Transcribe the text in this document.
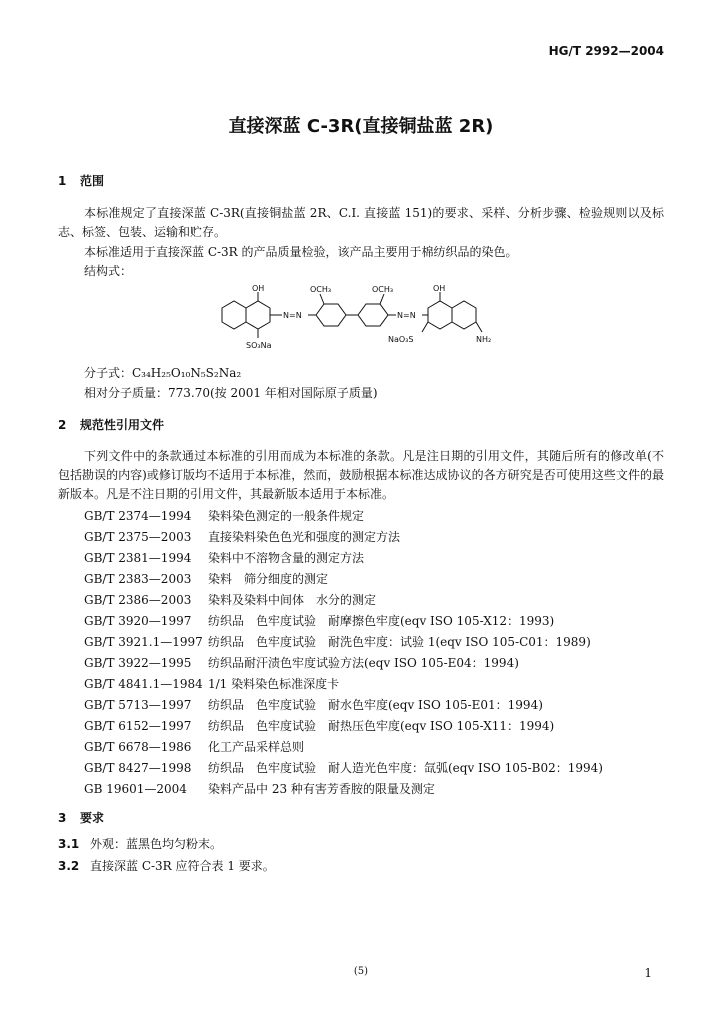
HG/T 2992—2004
直接深蓝 C-3R(直接铜盐蓝 2R)
1 范围
本标准规定了直接深蓝 C-3R(直接铜盐蓝 2R、C.I. 直接蓝 151)的要求、采样、分析步骤、检验规则以及标志、标签、包装、运输和贮存。
本标准适用于直接深蓝 C-3R 的产品质量检验，该产品主要用于棉纺织品的染色。
结构式：
OH
N=N
OCH₃	OCH₃
N=N
OH
SO₃Na
NaO₃S	NH₂
分子式：C₃₄H₂₅O₁₀N₅S₂Na₂
相对分子质量：773.70(按 2001 年相对国际原子质量)
2 规范性引用文件
下列文件中的条款通过本标准的引用而成为本标准的条款。凡是注日期的引用文件，其随后所有的修改单(不包括勘误的内容)或修订版均不适用于本标准，然而，鼓励根据本标准达成协议的各方研究是否可使用这些文件的最新版本。凡是不注日期的引用文件，其最新版本适用于本标准。
GB/T 2374—1994 染料染色测定的一般条件规定
GB/T 2375—2003 直接染料染色色光和强度的测定方法
GB/T 2381—1994 染料中不溶物含量的测定方法
GB/T 2383—2003 染料　筛分细度的测定
GB/T 2386—2003 染料及染料中间体　水分的测定
GB/T 3920—1997 纺织品　色牢度试验　耐摩擦色牢度(eqv ISO 105-X12：1993)
GB/T 3921.1—1997 纺织品　色牢度试验　耐洗色牢度：试验 1(eqv ISO 105-C01：1989)
GB/T 3922—1995 纺织品耐汗渍色牢度试验方法(eqv ISO 105-E04：1994)
GB/T 4841.1—1984 1/1 染料染色标准深度卡
GB/T 5713—1997 纺织品　色牢度试验　耐水色牢度(eqv ISO 105-E01：1994)
GB/T 6152—1997 纺织品　色牢度试验　耐热压色牢度(eqv ISO 105-X11：1994)
GB/T 6678—1986 化工产品采样总则
GB/T 8427—1998 纺织品　色牢度试验　耐人造光色牢度：氙弧(eqv ISO 105-B02：1994)
GB 19601—2004 染料产品中 23 种有害芳香胺的限量及测定
3 要求
3.1 外观：蓝黑色均匀粉末。
3.2 直接深蓝 C-3R 应符合表 1 要求。
(5)	1
